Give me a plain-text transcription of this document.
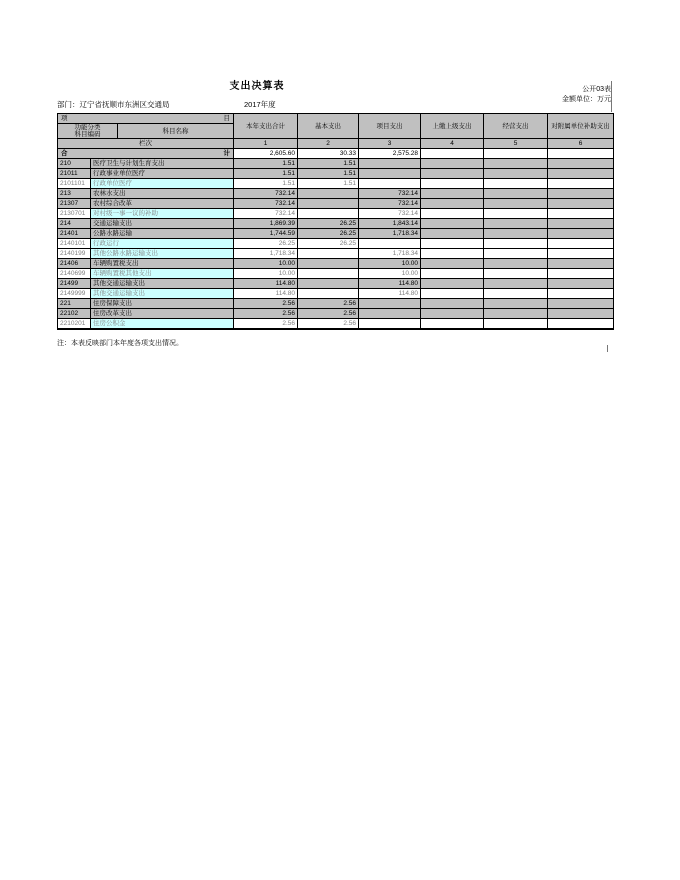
支出决算表	公开03表
金额单位：万元
部门：辽宁省抚顺市东洲区交通局	2017年度
项 目			本年支出合计	基本支出	项目支出	上缴上级支出	经营支出	对附属单位补助支出

功能分类
科目编码		科目名称						
栏次			1	2	3	4	5	6

合 计			2,605.60	30.33	2,575.28			
210	医疗卫生与计划生育支出		1.51	1.51				
21011	行政事业单位医疗		1.51	1.51				
2101101	行政单位医疗		1.51	1.51				
213	农林水支出		732.14		732.14			
21307	农村综合改革		732.14		732.14			
2130701	对村级一事一议的补助		732.14		732.14			
214	交通运输支出		1,869.39	26.25	1,843.14			
21401	公路水路运输		1,744.59	26.25	1,718.34			
2140101	行政运行		26.25	26.25				
2140199	其他公路水路运输支出		1,718.34		1,718.34			
21406	车辆购置税支出		10.00		10.00			
2140699	车辆购置税其他支出		10.00		10.00			
21499	其他交通运输支出		114.80		114.80			
2149999	其他交通运输支出		114.80		114.80			
221	住房保障支出		2.56	2.56				
22102	住房改革支出		2.56	2.56				
2210201	住房公积金		2.56	2.56				
注：本表反映部门本年度各项支出情况。
